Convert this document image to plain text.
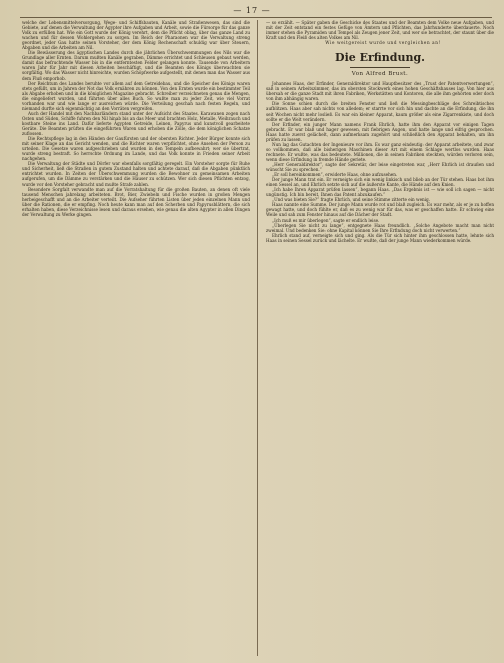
— 17 —

welche der Lebensmittelversorgung, Wege- und Schiffsbauten, Kanäle und Straßenwesen, das sind die Gebiete, auf denen die Verwaltung der Ägypter ihre Aufgaben und Arbeit, sowie die Fürsorge für das ganze Volk zu erfüllen hat. Wie ein Gott wurde der König verehrt, dem die Pflicht oblag, über das ganze Land zu wachen und für dessen Wohlergehen zu sorgen. Im Reich der Pharaonen war die Verwaltung streng geordnet, jeder Gau hatte seinen Vorsteher, der dem König Rechenschaft schuldig war über Steuern, Abgaben und die Arbeiten am Nil.

Die Bewässerung des ägyptischen Landes durch die jährlichen Überschwemmungen des Nils war die Grundlage aller Ernten. Darum mußten Kanäle gegraben, Dämme errichtet und Schleusen gebaut werden, damit das befruchtende Wasser bis in die entferntesten Felder gelangen konnte. Tausende von Arbeitern waren Jahr für Jahr mit diesen Arbeiten beschäftigt, und die Beamten des Königs überwachten sie sorgfältig. Wo das Wasser nicht hinreichte, wurden Schöpfwerke aufgestellt, mit denen man das Wasser aus dem Fluß emporhob.

Der Reichtum des Landes beruhte vor allem auf dem Getreidebau, und die Speicher des Königs waren stets gefüllt, um in Jahren der Not das Volk ernähren zu können. Von den Ernten wurde ein bestimmter Teil als Abgabe erhoben und in die königlichen Magazine gebracht. Schreiber verzeichneten genau die Mengen, die eingeliefert wurden, und führten über alles Buch. So wußte man zu jeder Zeit, wie viel Vorrat vorhanden war und wie lange er ausreichen würde. Die Verteilung geschah nach festen Regeln, und niemand durfte sich eigenmächtig an den Vorräten vergreifen.

Auch der Handel mit den Nachbarländern stand unter der Aufsicht des Staates. Karawanen zogen nach Osten und Süden, Schiffe fuhren den Nil hinab bis an das Meer und brachten Holz, Metalle, Weihrauch und kostbare Steine ins Land. Dafür lieferte Ägypten Getreide, Leinen, Papyrus und kunstvoll gearbeitete Geräte. Die Beamten prüften die eingeführten Waren und erhoben die Zölle, die dem königlichen Schatze zuflossen.

Die Rechtspflege lag in den Händen der Gaufürsten und der obersten Richter. Jeder Bürger konnte sich mit seiner Klage an das Gericht wenden, und die Richter waren verpflichtet, ohne Ansehen der Person zu urteilen. Die Gesetze waren aufgeschrieben und wurden in den Tempeln aufbewahrt; wer sie übertrat, wurde streng bestraft. So herrschte Ordnung im Lande, und das Volk konnte in Frieden seiner Arbeit nachgehen.

Die Verwaltung der Städte und Dörfer war ebenfalls sorgfältig geregelt. Ein Vorsteher sorgte für Ruhe und Sicherheit, ließ die Straßen in gutem Zustand halten und achtete darauf, daß die Abgaben pünktlich entrichtet wurden. In Zeiten der Überschwemmung wurden die Bewohner zu gemeinsamen Arbeiten aufgerufen, um die Dämme zu verstärken und die Häuser zu schützen. Wer sich diesen Pflichten entzog, wurde vor den Vorsteher gebracht und mußte Strafe zahlen.

Besondere Sorgfalt verwandte man auf die Vorratshaltung für die großen Bauten, an denen oft viele tausend Menschen jahrelang arbeiteten. Brot, Bier, Zwiebeln und Fische wurden in großen Mengen herbeigeschafft und an die Arbeiter verteilt. Die Aufseher führten Listen über jeden einzelnen Mann und über die Rationen, die er empfing. Noch heute kann man auf den Scherben und Papyrusblättern, die sich erhalten haben, diese Verzeichnisse lesen und daraus ersehen, wie genau die alten Ägypter in allen Dingen der Verwaltung zu Werke gingen.

— so erzählt. — Später gaben die Geschicke des Staates und der Beamten dem Volke neue Aufgaben, und mit der Zeit entstand ein festes Gefüge von Ämtern und Pflichten, das Jahrhunderte überdauerte. Noch immer stehen die Pyramiden und Tempel als Zeugen jener Zeit, und wer sie betrachtet, der staunt über die Kraft und den Fleiß des alten Volkes am Nil.

Wie weitgereist wurde und vergleichen an!

Die Erfindung.
Von Alfred Brust.

Johannes Haas, der Erfinder, Generaldirektor und Hauptbesitzer des „Trust der Patentverwertungen“, saß in seinem Arbeitszimmer, das im obersten Stockwerk eines hohen Geschäftshauses lag. Von hier aus übersah er die ganze Stadt mit ihren Fabriken, Werkstätten und Kontoren, die alle ihm gehörten oder doch von ihm abhängig waren.

Die Sonne schien durch die breiten Fenster und ließ die Messingbeschläge des Schreibtisches aufblitzen. Haas aber sah nichts von alledem; er starrte vor sich hin und dachte an die Erfindung, die ihn seit Wochen nicht mehr losließ. Es war ein kleiner Apparat, kaum größer als eine Zigarrenkiste, und doch sollte er die Welt verändern.

Der Erfinder, ein junger Mann namens Frank Ehrlich, hatte ihm den Apparat vor einigen Tagen gebracht. Er war blaß und hager gewesen, mit fiebrigen Augen, und hatte lange und eifrig gesprochen. Haas hatte zuerst gelächelt, dann aufmerksam zugehört und schließlich den Apparat behalten, um ihn prüfen zu lassen.

Nun lag das Gutachten der Ingenieure vor ihm. Es war ganz eindeutig: der Apparat arbeitete, und zwar so vollkommen, daß alle bisherigen Maschinen dieser Art mit einem Schlage wertlos wurden. Haas rechnete. Er wußte, was das bedeutete. Millionen, die in seinen Fabriken steckten, würden verloren sein, wenn diese Erfindung in fremde Hände geriete.

„Herr Generaldirektor“, sagte der Sekretär, der leise eingetreten war, „Herr Ehrlich ist draußen und wünscht Sie zu sprechen.“

„Er soll hereinkommen“, erwiderte Haas, ohne aufzusehen.

Der junge Mann trat ein. Er verneigte sich ein wenig linkisch und blieb an der Tür stehen. Haas bot ihm einen Sessel an, und Ehrlich setzte sich auf die äußerste Kante, die Hände auf den Knien.

„Ich habe Ihren Apparat prüfen lassen“, begann Haas. „Das Ergebnis ist — wie soll ich sagen — nicht ungünstig. Ich bin bereit, Ihnen das Patent abzukaufen.“

„Und was bieten Sie?“ fragte Ehrlich, und seine Stimme zitterte ein wenig.

Haas nannte eine Summe. Der junge Mann wurde rot und blaß zugleich. Es war mehr, als er je zu hoffen gewagt hatte, und doch fühlte er, daß es zu wenig war für das, was er geschaffen hatte. Er schwieg eine Weile und sah zum Fenster hinaus auf die Dächer der Stadt.

„Ich muß es mir überlegen“, sagte er endlich leise.

„Überlegen Sie nicht zu lange“, entgegnete Haas freundlich. „Solche Angebote macht man nicht zweimal. Und bedenken Sie: ohne Kapital können Sie Ihre Erfindung doch nicht verwerten.“

Ehrlich stand auf, verneigte sich und ging. Als die Tür sich hinter ihm geschlossen hatte, lehnte sich Haas in seinen Sessel zurück und lächelte. Er wußte, daß der junge Mann wiederkommen würde.
